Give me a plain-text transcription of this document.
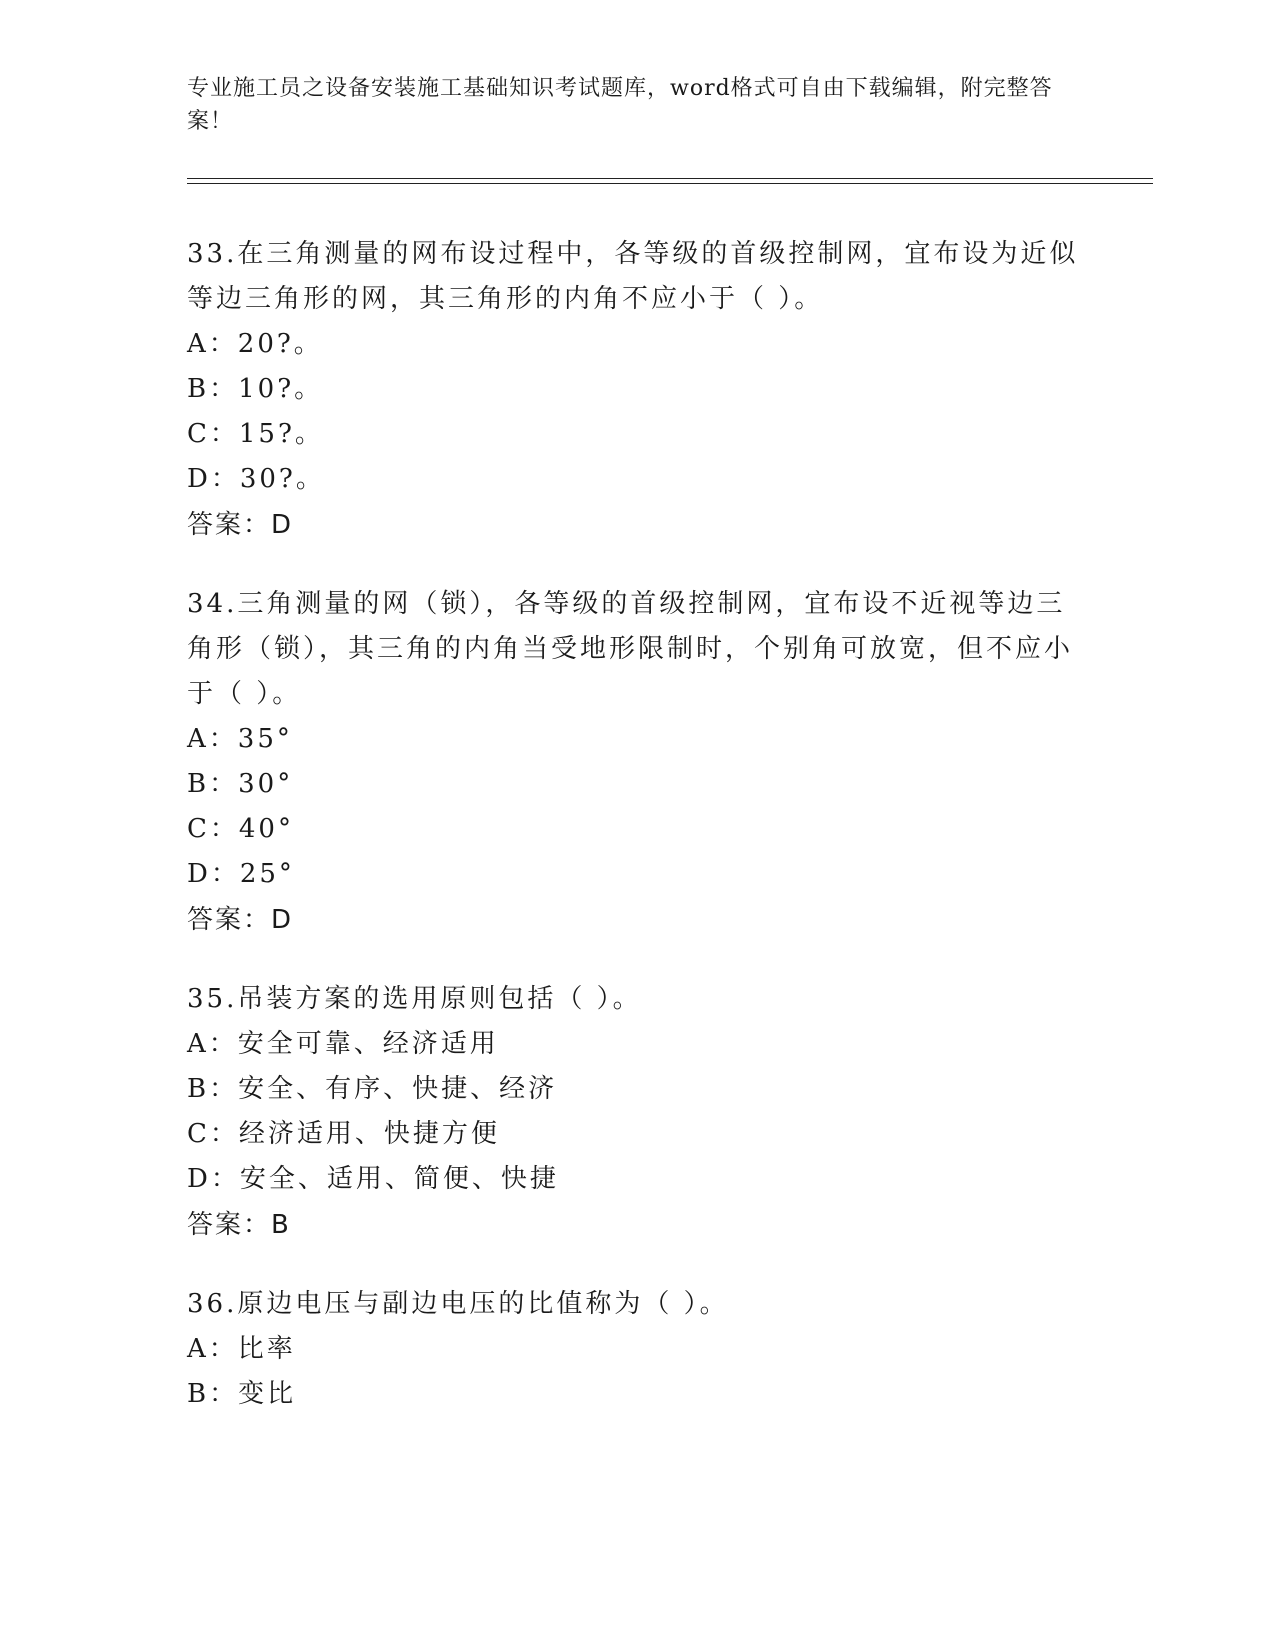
专业施工员之设备安装施工基础知识考试题库，word格式可自由下载编辑，附完整答案！
33.在三角测量的网布设过程中，各等级的首级控制网，宜布设为近似等边三角形的网，其三角形的内角不应小于（ ）。
A：20?。
B：10?。
C：15?。
D：30?。
答案：D
34.三角测量的网（锁），各等级的首级控制网，宜布设不近视等边三角形（锁），其三角的内角当受地形限制时，个别角可放宽，但不应小于（ ）。
A：35°
B：30°
C：40°
D：25°
答案：D
35.吊装方案的选用原则包括（ ）。
A：安全可靠、经济适用
B：安全、有序、快捷、经济
C：经济适用、快捷方便
D：安全、适用、简便、快捷
答案：B
36.原边电压与副边电压的比值称为（ ）。
A：比率
B：变比
